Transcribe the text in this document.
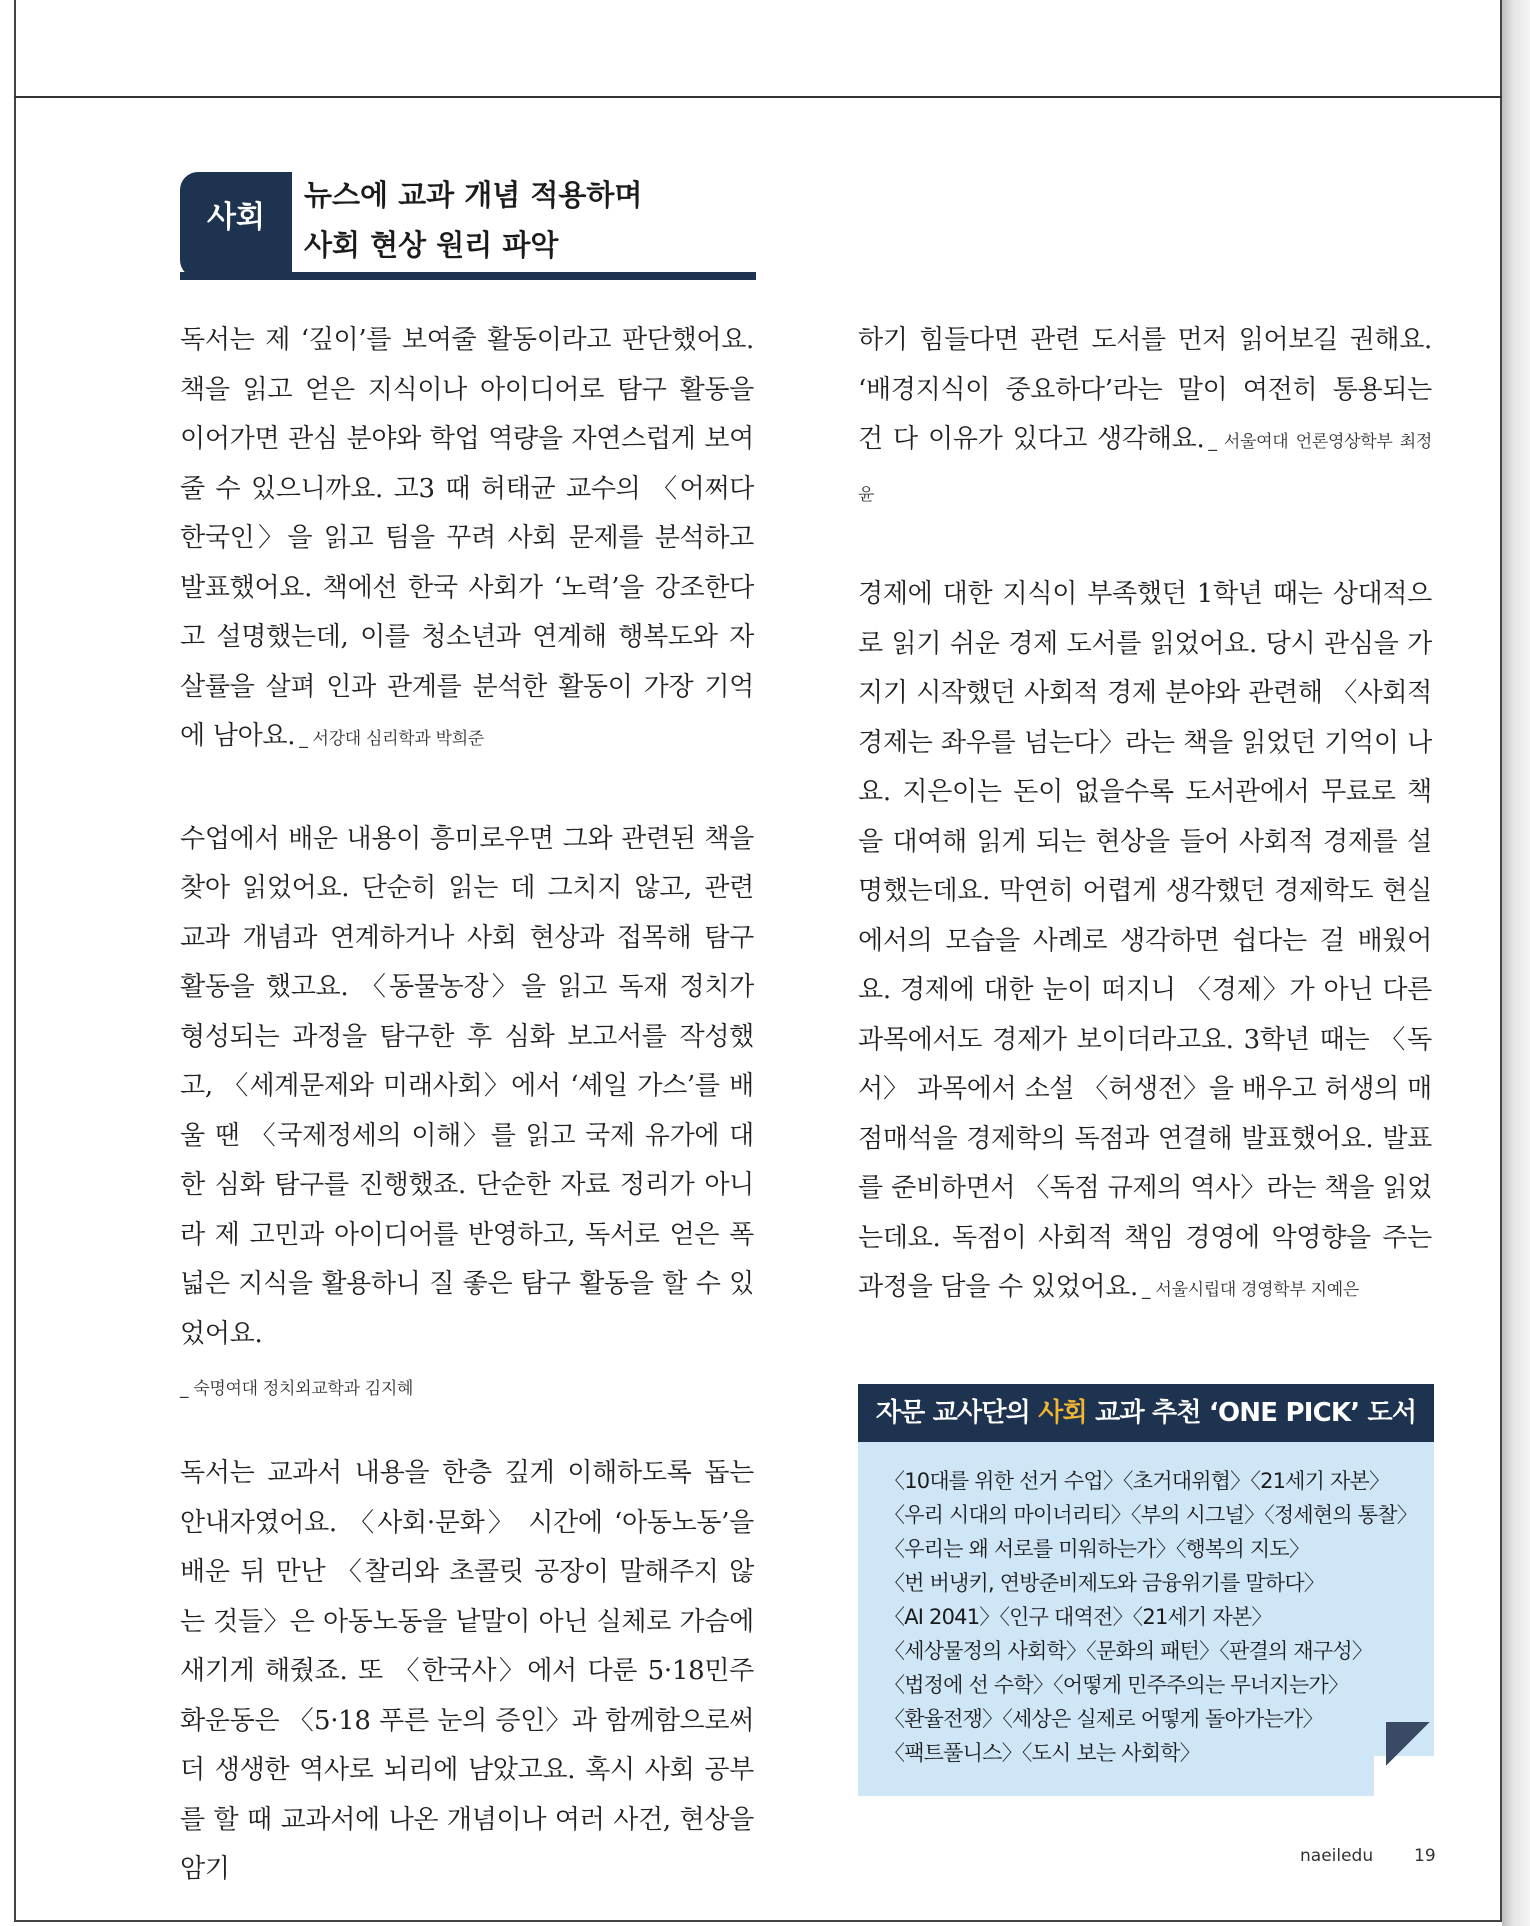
사회
뉴스에 교과 개념 적용하며
사회 현상 원리 파악

독서는 제 ‘깊이’를 보여줄 활동이라고 판단했어요. 책을 읽고 얻은 지식이나 아이디어로 탐구 활동을 이어가면 관심 분야와 학업 역량을 자연스럽게 보여줄 수 있으니까요. 고3 때 허태균 교수의 〈어쩌다 한국인〉을 읽고 팀을 꾸려 사회 문제를 분석하고 발표했어요. 책에선 한국 사회가 ‘노력’을 강조한다고 설명했는데, 이를 청소년과 연계해 행복도와 자살률을 살펴 인과 관계를 분석한 활동이 가장 기억에 남아요. _ 서강대 심리학과 박희준

수업에서 배운 내용이 흥미로우면 그와 관련된 책을 찾아 읽었어요. 단순히 읽는 데 그치지 않고, 관련 교과 개념과 연계하거나 사회 현상과 접목해 탐구 활동을 했고요. 〈동물농장〉을 읽고 독재 정치가 형성되는 과정을 탐구한 후 심화 보고서를 작성했고, 〈세계문제와 미래사회〉에서 ‘셰일 가스’를 배울 땐 〈국제정세의 이해〉를 읽고 국제 유가에 대한 심화 탐구를 진행했죠. 단순한 자료 정리가 아니라 제 고민과 아이디어를 반영하고, 독서로 얻은 폭넓은 지식을 활용하니 질 좋은 탐구 활동을 할 수 있었어요.

_ 숙명여대 정치외교학과 김지혜

독서는 교과서 내용을 한층 깊게 이해하도록 돕는 안내자였어요. 〈사회·문화〉 시간에 ‘아동노동’을 배운 뒤 만난 〈찰리와 초콜릿 공장이 말해주지 않는 것들〉은 아동노동을 낱말이 아닌 실체로 가슴에 새기게 해줬죠. 또 〈한국사〉에서 다룬 5·18민주화운동은 〈5·18 푸른 눈의 증인〉과 함께함으로써 더 생생한 역사로 뇌리에 남았고요. 혹시 사회 공부를 할 때 교과서에 나온 개념이나 여러 사건, 현상을 암기

하기 힘들다면 관련 도서를 먼저 읽어보길 권해요. ‘배경지식이 중요하다’라는 말이 여전히 통용되는 건 다 이유가 있다고 생각해요. _ 서울여대 언론영상학부 최정윤

경제에 대한 지식이 부족했던 1학년 때는 상대적으로 읽기 쉬운 경제 도서를 읽었어요. 당시 관심을 가지기 시작했던 사회적 경제 분야와 관련해 〈사회적 경제는 좌우를 넘는다〉라는 책을 읽었던 기억이 나요. 지은이는 돈이 없을수록 도서관에서 무료로 책을 대여해 읽게 되는 현상을 들어 사회적 경제를 설명했는데요. 막연히 어렵게 생각했던 경제학도 현실에서의 모습을 사례로 생각하면 쉽다는 걸 배웠어요. 경제에 대한 눈이 떠지니 〈경제〉가 아닌 다른 과목에서도 경제가 보이더라고요. 3학년 때는 〈독서〉 과목에서 소설 〈허생전〉을 배우고 허생의 매점매석을 경제학의 독점과 연결해 발표했어요. 발표를 준비하면서 〈독점 규제의 역사〉라는 책을 읽었는데요. 독점이 사회적 책임 경영에 악영향을 주는 과정을 담을 수 있었어요. _ 서울시립대 경영학부 지예은

자문 교사단의 사회 교과 추천 ‘ONE PICK’ 도서
〈10대를 위한 선거 수업〉〈초거대위협〉〈21세기 자본〉
〈우리 시대의 마이너리티〉〈부의 시그널〉〈정세현의 통찰〉
〈우리는 왜 서로를 미워하는가〉〈행복의 지도〉
〈번 버냉키, 연방준비제도와 금융위기를 말하다〉
〈AI 2041〉〈인구 대역전〉〈21세기 자본〉
〈세상물정의 사회학〉〈문화의 패턴〉〈판결의 재구성〉
〈법정에 선 수학〉〈어떻게 민주주의는 무너지는가〉
〈환율전쟁〉〈세상은 실제로 어떻게 돌아가는가〉
〈팩트풀니스〉〈도시 보는 사회학〉
naeiledu 19
